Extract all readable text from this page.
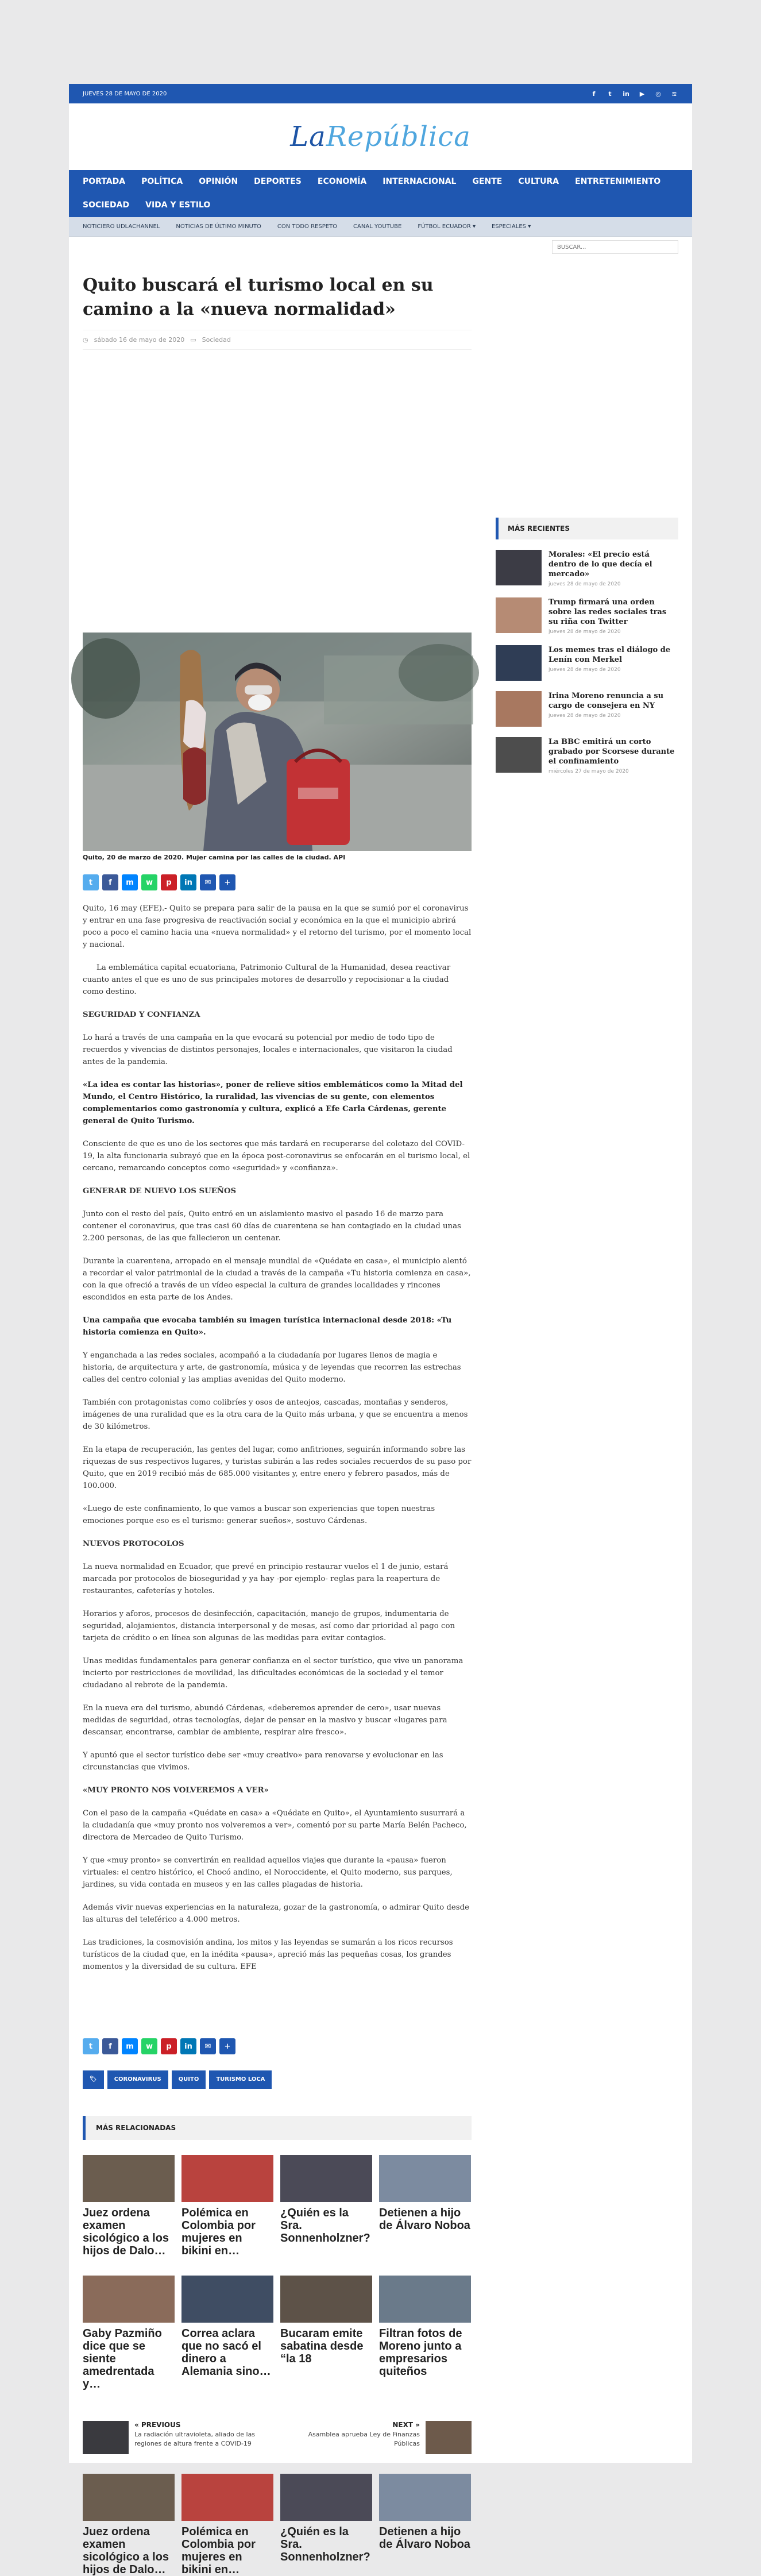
JUEVES 28 DE MAYO DE 2020	f	t	in ▶ ◎ ≋
LaRepública
PORTADA	POLÍTICA	OPINIÓN	DEPORTES	ECONOMÍA	INTERNACIONAL	GENTE	CULTURA	ENTRETENIMIENTO
SOCIEDAD	VIDA Y ESTILO
NOTICIERO UDLACHANNEL	NOTICIAS DE ÚLTIMO MINUTO	CON TODO RESPETO	CANAL YOUTUBE	FÚTBOL ECUADOR ▾	ESPECIALES ▾
BUSCAR...
Quito buscará el turismo local en su camino a la «nueva normalidad»
◷ sábado 16 de mayo de 2020 ▭ Sociedad
Quito, 20 de marzo de 2020. Mujer camina por las calles de la ciudad. API
t	f	m	w	p	in	✉	+

Quito, 16 may (EFE).- Quito se prepara para salir de la pausa en la que se sumió por el coronavirus y entrar en una fase progresiva de reactivación social y económica en la que el municipio abrirá poco a poco el camino hacia una «nueva normalidad» y el retorno del turismo, por el momento local y nacional.

La emblemática capital ecuatoriana, Patrimonio Cultural de la Humanidad, desea reactivar cuanto antes el que es uno de sus principales motores de desarrollo y repocisionar a la ciudad como destino.

SEGURIDAD Y CONFIANZA

Lo hará a través de una campaña en la que evocará su potencial por medio de todo tipo de recuerdos y vivencias de distintos personajes, locales e internacionales, que visitaron la ciudad antes de la pandemia.

«La idea es contar las historias», poner de relieve sitios emblemáticos como la Mitad del Mundo, el Centro Histórico, la ruralidad, las vivencias de su gente, con elementos complementarios como gastronomía y cultura, explicó a Efe Carla Cárdenas, gerente general de Quito Turismo.

Consciente de que es uno de los sectores que más tardará en recuperarse del coletazo del COVID-19, la alta funcionaria subrayó que en la época post-coronavirus se enfocarán en el turismo local, el cercano, remarcando conceptos como «seguridad» y «confianza».

GENERAR DE NUEVO LOS SUEÑOS

Junto con el resto del país, Quito entró en un aislamiento masivo el pasado 16 de marzo para contener el coronavirus, que tras casi 60 días de cuarentena se han contagiado en la ciudad unas 2.200 personas, de las que fallecieron un centenar.

Durante la cuarentena, arropado en el mensaje mundial de «Quédate en casa», el municipio alentó a recordar el valor patrimonial de la ciudad a través de la campaña «Tu historia comienza en casa», con la que ofreció a través de un vídeo especial la cultura de grandes localidades y rincones escondidos en esta parte de los Andes.

Una campaña que evocaba también su imagen turística internacional desde 2018: «Tu historia comienza en Quito».

Y enganchada a las redes sociales, acompañó a la ciudadanía por lugares llenos de magia e historia, de arquitectura y arte, de gastronomía, música y de leyendas que recorren las estrechas calles del centro colonial y las amplias avenidas del Quito moderno.

También con protagonistas como colibríes y osos de anteojos, cascadas, montañas y senderos, imágenes de una ruralidad que es la otra cara de la Quito más urbana, y que se encuentra a menos de 30 kilómetros.

En la etapa de recuperación, las gentes del lugar, como anfitriones, seguirán informando sobre las riquezas de sus respectivos lugares, y turistas subirán a las redes sociales recuerdos de su paso por Quito, que en 2019 recibió más de 685.000 visitantes y, entre enero y febrero pasados, más de 100.000.

«Luego de este confinamiento, lo que vamos a buscar son experiencias que topen nuestras emociones porque eso es el turismo: generar sueños», sostuvo Cárdenas.

NUEVOS PROTOCOLOS

La nueva normalidad en Ecuador, que prevé en principio restaurar vuelos el 1 de junio, estará marcada por protocolos de bioseguridad y ya hay -por ejemplo- reglas para la reapertura de restaurantes, cafeterías y hoteles.

Horarios y aforos, procesos de desinfección, capacitación, manejo de grupos, indumentaria de seguridad, alojamientos, distancia interpersonal y de mesas, así como dar prioridad al pago con tarjeta de crédito o en línea son algunas de las medidas para evitar contagios.

Unas medidas fundamentales para generar confianza en el sector turístico, que vive un panorama incierto por restricciones de movilidad, las dificultades económicas de la sociedad y el temor ciudadano al rebrote de la pandemia.

En la nueva era del turismo, abundó Cárdenas, «deberemos aprender de cero», usar nuevas medidas de seguridad, otras tecnologías, dejar de pensar en la masivo y buscar «lugares para descansar, encontrarse, cambiar de ambiente, respirar aire fresco».

Y apuntó que el sector turístico debe ser «muy creativo» para renovarse y evolucionar en las circunstancias que vivimos.

«MUY PRONTO NOS VOLVEREMOS A VER»

Con el paso de la campaña «Quédate en casa» a «Quédate en Quito», el Ayuntamiento susurrará a la ciudadanía que «muy pronto nos volveremos a ver», comentó por su parte María Belén Pacheco, directora de Mercadeo de Quito Turismo.

Y que «muy pronto» se convertirán en realidad aquellos viajes que durante la «pausa» fueron virtuales: el centro histórico, el Chocó andino, el Noroccidente, el Quito moderno, sus parques, jardines, su vida contada en museos y en las calles plagadas de historia.

Además vivir nuevas experiencias en la naturaleza, gozar de la gastronomía, o admirar Quito desde las alturas del teleférico a 4.000 metros.

Las tradiciones, la cosmovisión andina, los mitos y las leyendas se sumarán a los ricos recursos turísticos de la ciudad que, en la inédita «pausa», apreció más las pequeñas cosas, los grandes momentos y la diversidad de su cultura. EFE

t	f	m	w	p	in	✉	+
🏷	CORONAVIRUS	QUITO	TURISMO LOCA
MÁS RELACIONADAS
Juez ordena examen sicológico a los hijos de Dalo…
Polémica en Colombia por mujeres en bikini en…
¿Quién es la Sra. Sonnenholzner?
Detienen a hijo de Álvaro Noboa
Gaby Pazmiño dice que se siente amedrentada y…
Correa aclara que no sacó el dinero a Alemania sino…
Bucaram emite sabatina desde “la 18
Filtran fotos de Moreno junto a empresarios quiteños
« PREVIOUS
La radiación ultravioleta, aliado de las regiones de altura frente a COVID-19
NEXT »
Asamblea aprueba Ley de Finanzas Públicas
Juez ordena examen sicológico a los hijos de Dalo…
Polémica en Colombia por mujeres en bikini en…
¿Quién es la Sra. Sonnenholzner?
Detienen a hijo de Álvaro Noboa
MÁS RECIENTES
Morales: «El precio está dentro de lo que decía el mercado»
jueves 28 de mayo de 2020
Trump firmará una orden sobre las redes sociales tras su riña con Twitter
jueves 28 de mayo de 2020
Los memes tras el diálogo de Lenín con Merkel
jueves 28 de mayo de 2020
Irina Moreno renuncia a su cargo de consejera en NY
jueves 28 de mayo de 2020
La BBC emitirá un corto grabado por Scorsese durante el confinamiento
miércoles 27 de mayo de 2020
